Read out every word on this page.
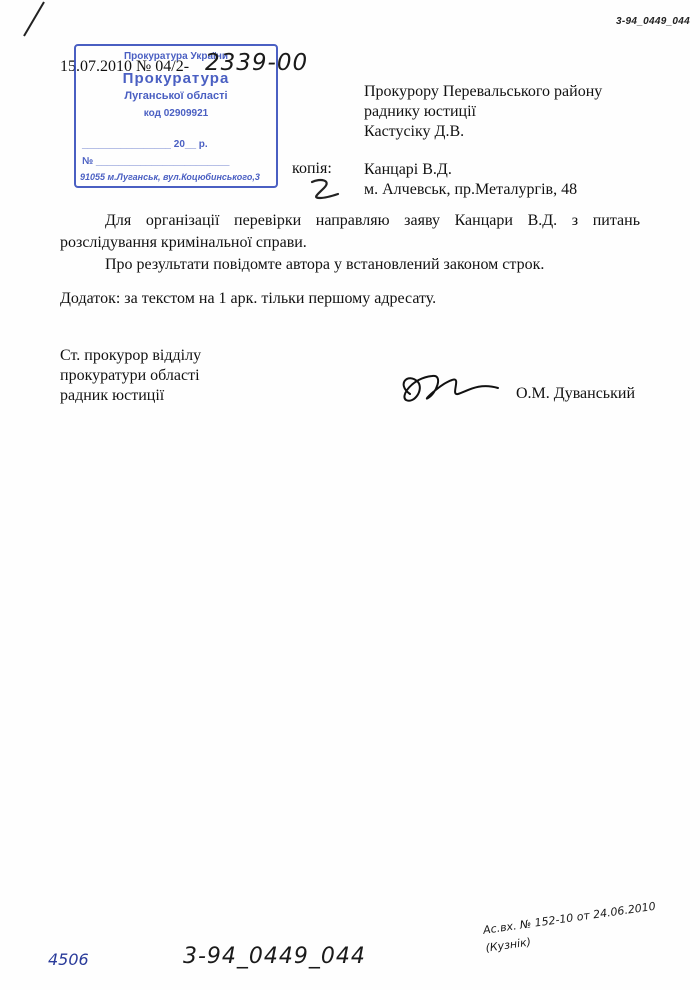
3-94_0449_044
15.07.2010 № 04/2-
Прокуратура України
Прокуратура
Луганської області
код 02909921
________________ 20__ р.
№ ________________________
91055 м.Луганськ, вул.Коцюбинського,3
2339-00
Прокурору Перевальського району
раднику юстиції
Кастусіку Д.В.
копія: Канцарі В.Д.
м. Алчевськ, пр.Металургів, 48

Для організації перевірки направляю заяву Канцари В.Д. з питань розслідування кримінальної справи.

Про результати повідомте автора у встановлений законом строк.

Додаток: за текстом на 1 арк. тільки першому адресату.
Ст. прокурор відділу
прокуратури області
радник юстиції	О.М. Дуванський
4506	3-94_0449_044
Ас.вх. № 152-10 от 24.06.2010
(Кузнік)
